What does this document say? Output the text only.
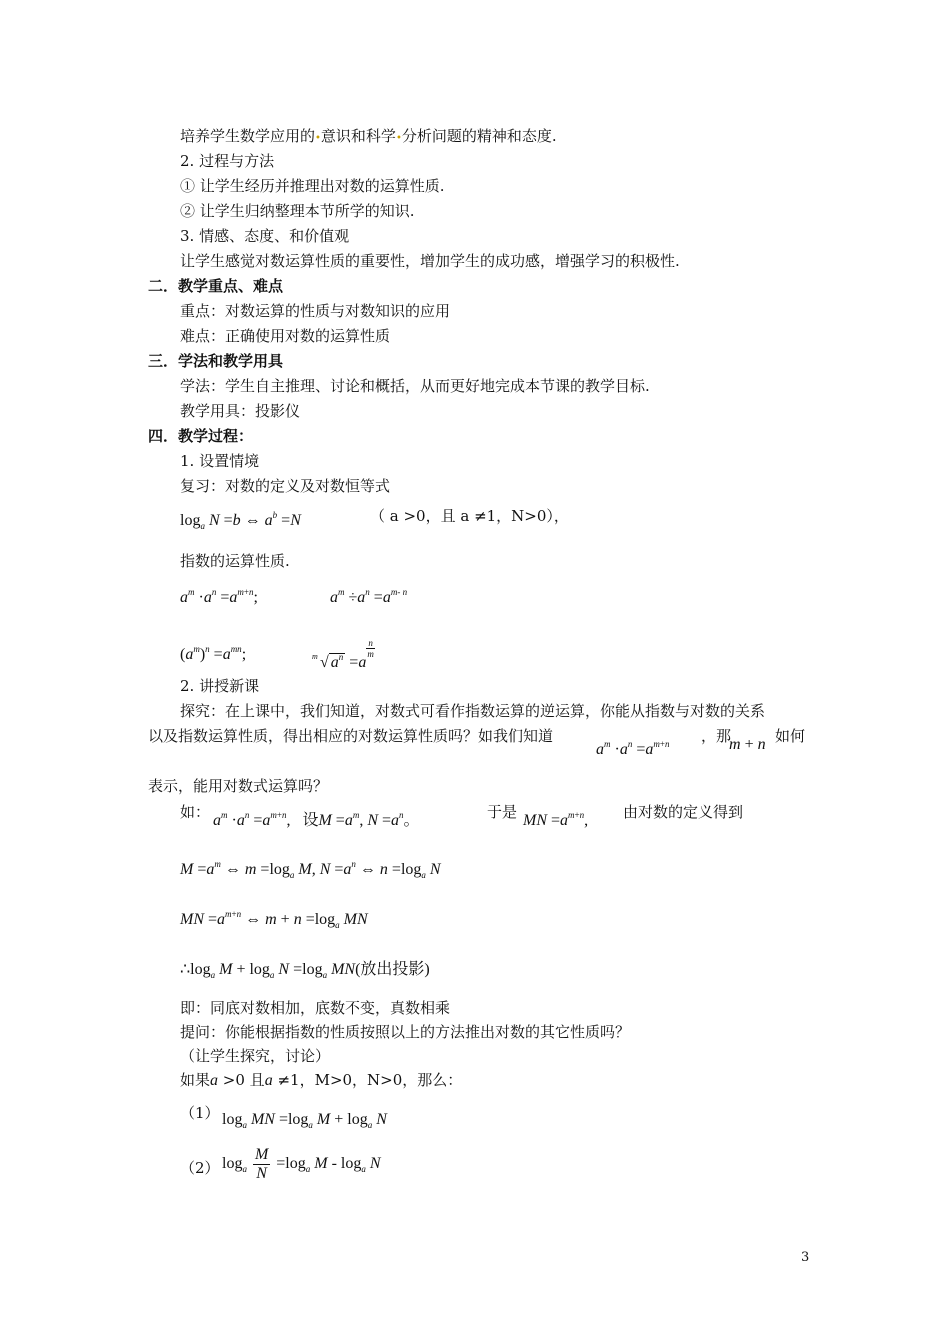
培养学生数学应用的•意识和科学•分析问题的精神和态度.
2. 过程与方法
① 让学生经历并推理出对数的运算性质.
② 让学生归纳整理本节所学的知识.
3. 情感、态度、和价值观
让学生感觉对数运算性质的重要性，增加学生的成功感，增强学习的积极性.
二．教学重点、难点
重点：对数运算的性质与对数知识的应用
难点：正确使用对数的运算性质
三．学法和教学用具
学法：学生自主推理、讨论和概括，从而更好地完成本节课的教学目标.
教学用具：投影仪
四．教学过程：
1. 设置情境
复习：对数的定义及对数恒等式
$\log_a N =b$ ⇔ $a^b =N$	（ a >0，且 a ≠1，N>0），
指数的运算性质.
$a^m \cdot a^n =a^{m+n}$;	$a^m \div a^n =a^{m- n}$
$(a^m)^n =a^{mn}$;	m √ $a^n =a$
$\frac{n}{m}$
2. 讲授新课
探究：在上课中，我们知道，对数式可看作指数运算的逆运算，你能从指数与对数的关系
以及指数运算性质，得出相应的对数运算性质吗？如我们知道
$a^m \cdot a^n =a^{m+n}$ ，那
m + n 如何
表示，能用对数式运算吗？
如： $a^m \cdot a^n =a^{m+n}$,   设$M =a^m$, $N =a^n$。	于是 MN $=a^{m+n}$, 由对数的定义得到
$M =a^m$ ⇔ $m =\log_a$ M, $N =a^n$ ⇔ $n =\log_a$ N
MN $=a^{m+n}$ ⇔ $m + n =\log_a$ MN
$\therefore\log_a$ $M + \log_a N =\log_a$ MN(放出投影)
即：同底对数相加，底数不变，真数相乘
提问：你能根据指数的性质按照以上的方法推出对数的其它性质吗？
（让学生探究，讨论）
如果a >0 且a ≠1，M>0，N>0，那么：
（1） $\log_a$ MN $=\log_a$ $M + \log_a N$
（2） $\log_a \frac{M}{N} =\log_a$ M - $\log_a N$
3
